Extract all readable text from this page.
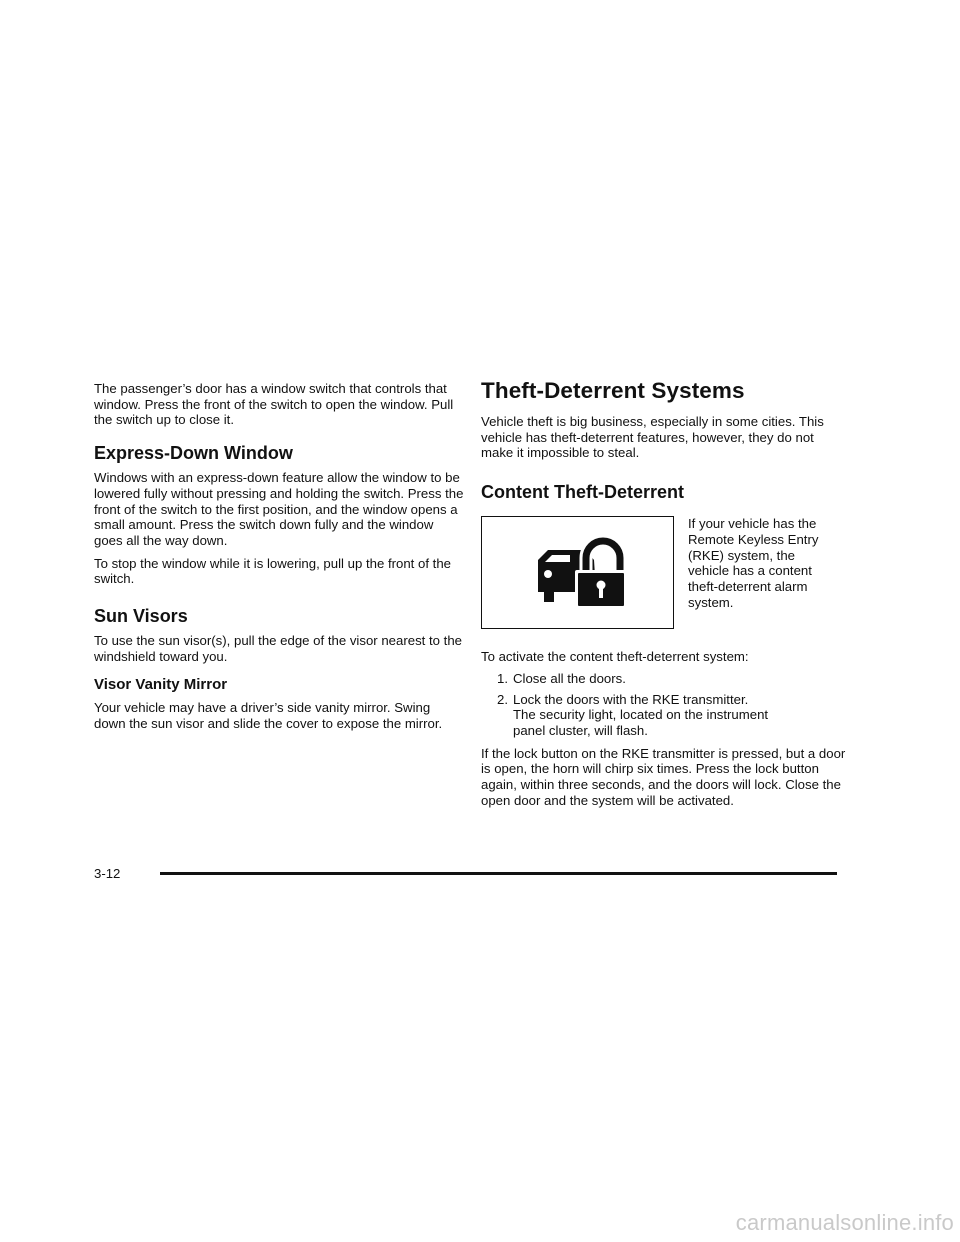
The passenger’s door has a window switch that controls that window. Press the front of the switch to open the window. Pull the switch up to close it.

Express-Down Window

Windows with an express-down feature allow the window to be lowered fully without pressing and holding the switch. Press the front of the switch to the first position, and the window opens a small amount. Press the switch down fully and the window goes all the way down.

To stop the window while it is lowering, pull up the front of the switch.

Sun Visors

To use the sun visor(s), pull the edge of the visor nearest to the windshield toward you.

Visor Vanity Mirror

Your vehicle may have a driver’s side vanity mirror. Swing down the sun visor and slide the cover to expose the mirror.

Theft-Deterrent Systems

Vehicle theft is big business, especially in some cities. This vehicle has theft-deterrent features, however, they do not make it impossible to steal.

Content Theft-Deterrent

If your vehicle has the Remote Keyless Entry (RKE) system, the vehicle has a content theft-deterrent alarm system.

To activate the content theft-deterrent system:

1. Close all the doors.
2. Lock the doors with the RKE transmitter. The security light, located on the instrument panel cluster, will flash.

If the lock button on the RKE transmitter is pressed, but a door is open, the horn will chirp six times. Press the lock button again, within three seconds, and the doors will lock. Close the open door and the system will be activated.

3-12
carmanualsonline.info
